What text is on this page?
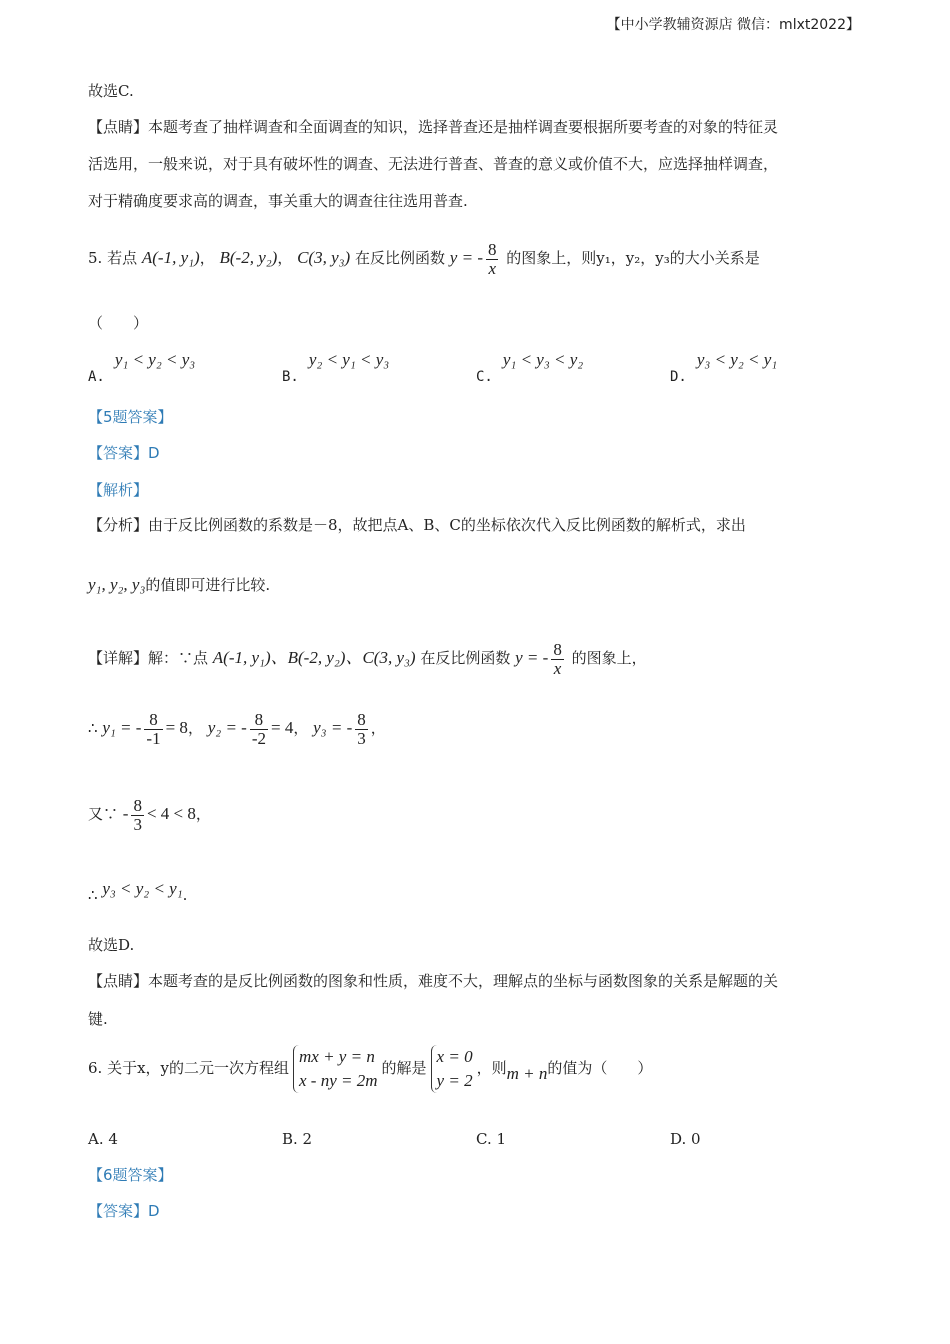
【中小学教辅资源店 微信：mlxt2022】
故选C.
【点睛】本题考查了抽样调查和全面调查的知识，选择普查还是抽样调查要根据所要考查的对象的特征灵
活选用，一般来说，对于具有破坏性的调查、无法进行普查、普查的意义或价值不大，应选择抽样调查，
对于精确度要求高的调查，事关重大的调查往往选用普查.
5. 若点 A(-1, y₁)， B(-2, y₂)， C(3, y₃) 在反比例函数 y = - $\frac{8}{x}$ 的图象上，则y₁，y₂，y₃的大小关系是
（　　）
A.y₁ < y₂ < y₃
B.y₂ < y₁ < y₃
C.y₁ < y₃ < y₂
D.y₃ < y₂ < y₁
【5题答案】
【答案】D
【解析】
【分析】由于反比例函数的系数是－8，故把点A、B、C的坐标依次代入反比例函数的解析式，求出
y₁, y₂, y₃的值即可进行比较.
【详解】解：∵点 A(-1, y₁)、B(-2, y₂)、C(3, y₃) 在反比例函数 y = - $\frac{8}{x}$ 的图象上，
∴ y₁ = - $\frac{8}{-1} = 8$， y₂ = - $\frac{8}{-2} = 4$， y₃ = - $\frac{8}{3}$ ，
又∵ - $\frac{8}{3} < 4 < 8$，
∴ y₃ < y₂ < y₁.
故选D.
【点睛】本题考查的是反比例函数的图象和性质，难度不大，理解点的坐标与函数图象的关系是解题的关
键.
6. 关于x，y的二元一次方程组
mx + y = n
x - ny = 2m
的解是
x = 0
y = 2
，则m + n的值为（　　）
A. 4	B. 2	C. 1	D. 0
【6题答案】
【答案】D
